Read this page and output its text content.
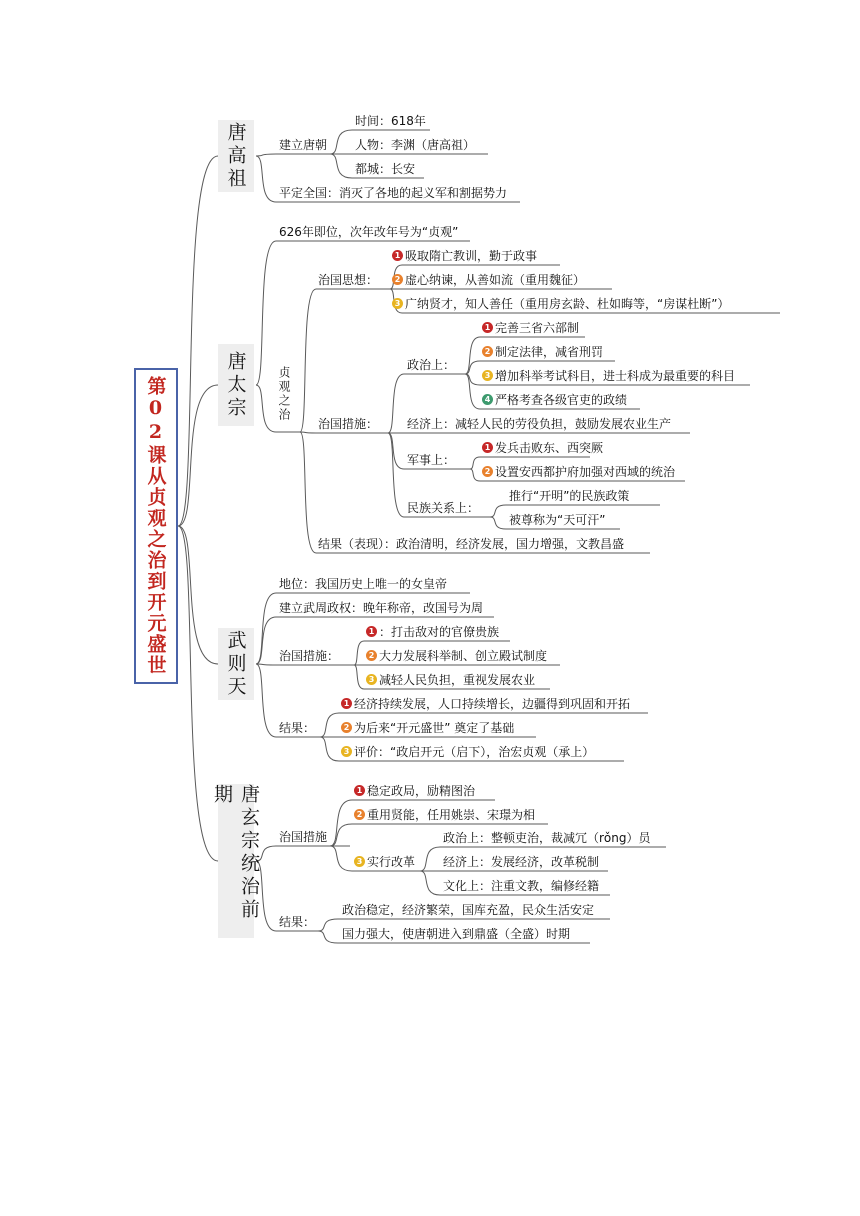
第02课从贞观之治到开元盛世
唐高祖
唐太宗
武则天
唐玄宗统治前期
建立唐朝
时间：618年
人物：李渊（唐高祖）
都城：长安
平定全国：消灭了各地的起义军和割据势力
626年即位，次年改年号为“贞观”
贞观之治
治国思想：
1 吸取隋亡教训，勤于政事
2 虚心纳谏，从善如流（重用魏征）
3 广纳贤才，知人善任（重用房玄龄、杜如晦等，“房谋杜断”）
治国措施：
政治上：
1 完善三省六部制
2 制定法律，减省刑罚
3 增加科举考试科目，进士科成为最重要的科目
4 严格考查各级官吏的政绩
经济上：减轻人民的劳役负担，鼓励发展农业生产
军事上：
1 发兵击败东、西突厥
2 设置安西都护府加强对西域的统治
民族关系上：
推行“开明”的民族政策
被尊称为“天可汗”
结果（表现）：政治清明，经济发展，国力增强，文教昌盛
地位：我国历史上唯一的女皇帝
建立武周政权：晚年称帝，改国号为周
治国措施：
1 ：打击敌对的官僚贵族
2 大力发展科举制、创立殿试制度
3 减轻人民负担，重视发展农业
结果：
1 经济持续发展，人口持续增长，边疆得到巩固和开拓
2 为后来“开元盛世” 奠定了基础
3 评价：“政启开元（启下），治宏贞观（承上）
治国措施
1 稳定政局，励精图治
2 重用贤能，任用姚崇、宋璟为相
3 实行改革
政治上：整顿吏治，裁减冗（rǒng）员
经济上：发展经济，改革税制
文化上：注重文教，编修经籍
结果：
政治稳定，经济繁荣，国库充盈，民众生活安定
国力强大，使唐朝进入到鼎盛（全盛）时期
